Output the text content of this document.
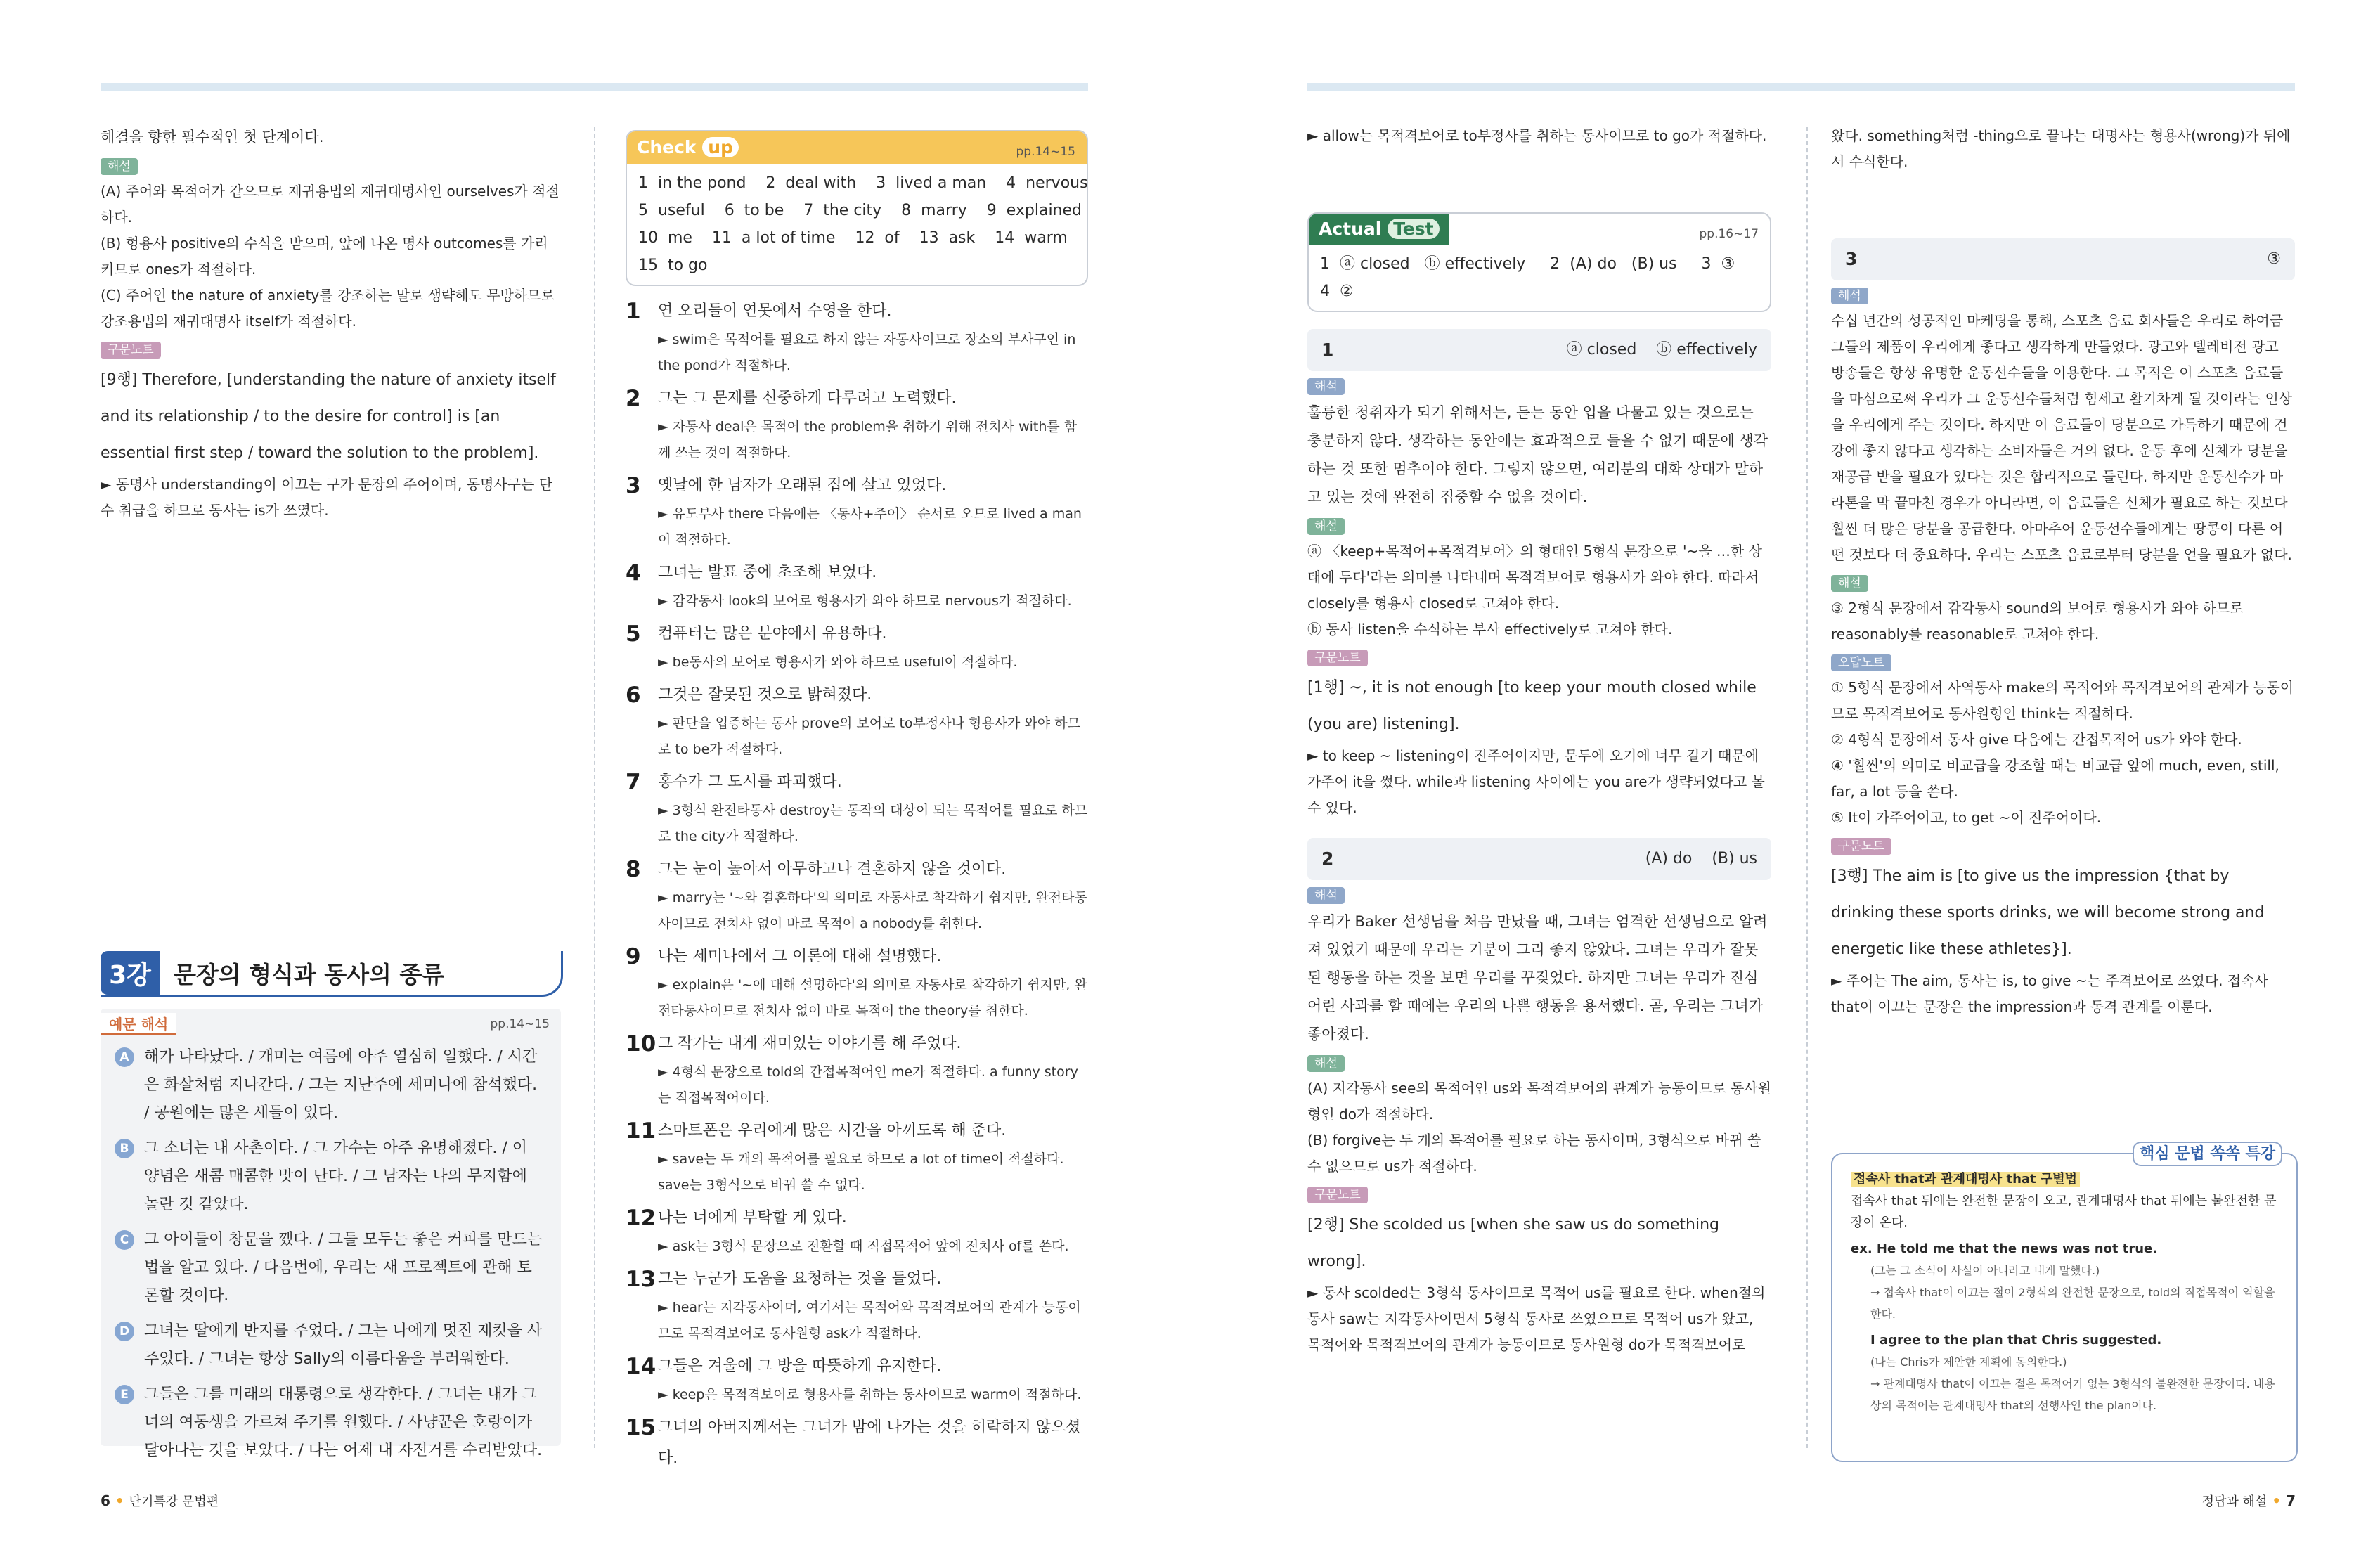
해결을 향한 필수적인 첫 단계이다.

해설

(A) 주어와 목적어가 같으므로 재귀용법의 재귀대명사인 ourselves가 적절하다.

(B) 형용사 positive의 수식을 받으며, 앞에 나온 명사 outcomes를 가리키므로 ones가 적절하다.

(C) 주어인 the nature of anxiety를 강조하는 말로 생략해도 무방하므로 강조용법의 재귀대명사 itself가 적절하다.

구문노트

[9행] Therefore, [understanding the nature of anxiety itself and its relationship / to the desire for control] is [an essential first step / toward the solution to the problem].

► 동명사 understanding이 이끄는 구가 문장의 주어이며, 동명사구는 단수 취급을 하므로 동사는 is가 쓰였다.

3강 문장의 형식과 동사의 종류
예문 해석	pp.14~15
A 해가 나타났다. / 개미는 여름에 아주 열심히 일했다. / 시간은 화살처럼 지나간다. / 그는 지난주에 세미나에 참석했다. / 공원에는 많은 새들이 있다.
B 그 소녀는 내 사촌이다. / 그 가수는 아주 유명해졌다. / 이 양념은 새콤 매콤한 맛이 난다. / 그 남자는 나의 무지함에 놀란 것 같았다.
C 그 아이들이 창문을 깼다. / 그들 모두는 좋은 커피를 만드는 법을 알고 있다. / 다음번에, 우리는 새 프로젝트에 관해 토론할 것이다.
D 그녀는 딸에게 반지를 주었다. / 그는 나에게 멋진 재킷을 사주었다. / 그녀는 항상 Sally의 이름다움을 부러워한다.
E	그들은 그를 미래의 대통령으로 생각한다. / 그녀는 내가 그녀의 여동생을 가르쳐 주기를 원했다. / 사냥꾼은 호랑이가 달아나는 것을 보았다. / 나는 어제 내 자전거를 수리받았다.
Check up	pp.14~15

1  in the pond    2  deal with    3  lived a man    4  nervous

5  useful    6  to be    7  the city    8  marry    9  explained

10  me    11  a lot of time    12  of    13  ask    14  warm

15  to go

1	연 오리들이 연못에서 수영을 한다.

► swim은 목적어를 필요로 하지 않는 자동사이므로 장소의 부사구인 in the pond가 적절하다.

2	그는 그 문제를 신중하게 다루려고 노력했다.

► 자동사 deal은 목적어 the problem을 취하기 위해 전치사 with를 함께 쓰는 것이 적절하다.

3	옛날에 한 남자가 오래된 집에 살고 있었다.

► 유도부사 there 다음에는 〈동사+주어〉 순서로 오므로 lived a man이 적절하다.

4	그녀는 발표 중에 초조해 보였다.

► 감각동사 look의 보어로 형용사가 와야 하므로 nervous가 적절하다.

5	컴퓨터는 많은 분야에서 유용하다.

► be동사의 보어로 형용사가 와야 하므로 useful이 적절하다.

6	그것은 잘못된 것으로 밝혀졌다.

► 판단을 입증하는 동사 prove의 보어로 to부정사나 형용사가 와야 하므로 to be가 적절하다.

7	홍수가 그 도시를 파괴했다.

► 3형식 완전타동사 destroy는 동작의 대상이 되는 목적어를 필요로 하므로 the city가 적절하다.

8	그는 눈이 높아서 아무하고나 결혼하지 않을 것이다.

► marry는 '~와 결혼하다'의 의미로 자동사로 착각하기 쉽지만, 완전타동사이므로 전치사 없이 바로 목적어 a nobody를 취한다.

9	나는 세미나에서 그 이론에 대해 설명했다.

► explain은 '~에 대해 설명하다'의 의미로 자동사로 착각하기 쉽지만, 완전타동사이므로 전치사 없이 바로 목적어 the theory를 취한다.

10 그 작가는 내게 재미있는 이야기를 해 주었다.

► 4형식 문장으로 told의 간접목적어인 me가 적절하다. a funny story는 직접목적어이다.

11 스마트폰은 우리에게 많은 시간을 아끼도록 해 준다.

► save는 두 개의 목적어를 필요로 하므로 a lot of time이 적절하다. save는 3형식으로 바꿔 쓸 수 없다.

12 나는 너에게 부탁할 게 있다.

► ask는 3형식 문장으로 전환할 때 직접목적어 앞에 전치사 of를 쓴다.

13 그는 누군가 도움을 요청하는 것을 들었다.

► hear는 지각동사이며, 여기서는 목적어와 목적격보어의 관계가 능동이므로 목적격보어로 동사원형 ask가 적절하다.

14 그들은 겨울에 그 방을 따뜻하게 유지한다.

► keep은 목적격보어로 형용사를 취하는 동사이므로 warm이 적절하다.

15 그녀의 아버지께서는 그녀가 밤에 나가는 것을 허락하지 않으셨다.

► allow는 목적격보어로 to부정사를 취하는 동사이므로 to go가 적절하다.

Actual Test	pp.16~17

1  ⓐ closed   ⓑ effectively     2  (A) do   (B) us     3  ③

4  ②

1	ⓐ closed    ⓑ effectively
해석

훌륭한 청취자가 되기 위해서는, 듣는 동안 입을 다물고 있는 것으로는 충분하지 않다. 생각하는 동안에는 효과적으로 들을 수 없기 때문에 생각하는 것 또한 멈추어야 한다. 그렇지 않으면, 여러분의 대화 상대가 말하고 있는 것에 완전히 집중할 수 없을 것이다.

해설

ⓐ 〈keep+목적어+목적격보어〉의 형태인 5형식 문장으로 '~을 …한 상태에 두다'라는 의미를 나타내며 목적격보어로 형용사가 와야 한다. 따라서 closely를 형용사 closed로 고쳐야 한다.

ⓑ 동사 listen을 수식하는 부사 effectively로 고쳐야 한다.

구문노트

[1행] ~, it is not enough [to keep your mouth closed while (you are) listening].

► to keep ~ listening이 진주어이지만, 문두에 오기에 너무 길기 때문에 가주어 it을 썼다. while과 listening 사이에는 you are가 생략되었다고 볼 수 있다.

2	(A) do    (B) us
해석

우리가 Baker 선생님을 처음 만났을 때, 그녀는 엄격한 선생님으로 알려져 있었기 때문에 우리는 기분이 그리 좋지 않았다. 그녀는 우리가 잘못된 행동을 하는 것을 보면 우리를 꾸짖었다. 하지만 그녀는 우리가 진심 어린 사과를 할 때에는 우리의 나쁜 행동을 용서했다. 곧, 우리는 그녀가 좋아졌다.

해설

(A) 지각동사 see의 목적어인 us와 목적격보어의 관계가 능동이므로 동사원형인 do가 적절하다.

(B) forgive는 두 개의 목적어를 필요로 하는 동사이며, 3형식으로 바뀌 쓸 수 없으므로 us가 적절하다.

구문노트

[2행] She scolded us [when she saw us do something wrong].

► 동사 scolded는 3형식 동사이므로 목적어 us를 필요로 한다. when절의 동사 saw는 지각동사이면서 5형식 동사로 쓰였으므로 목적어 us가 왔고, 목적어와 목적격보어의 관계가 능동이므로 동사원형 do가 목적격보어로

왔다. something처럼 -thing으로 끝나는 대명사는 형용사(wrong)가 뒤에서 수식한다.

3	③
해석

수십 년간의 성공적인 마케팅을 통해, 스포츠 음료 회사들은 우리로 하여금 그들의 제품이 우리에게 좋다고 생각하게 만들었다. 광고와 텔레비전 광고 방송들은 항상 유명한 운동선수들을 이용한다. 그 목적은 이 스포츠 음료들을 마심으로써 우리가 그 운동선수들처럼 힘세고 활기차게 될 것이라는 인상을 우리에게 주는 것이다. 하지만 이 음료들이 당분으로 가득하기 때문에 건강에 좋지 않다고 생각하는 소비자들은 거의 없다. 운동 후에 신체가 당분을 재공급 받을 필요가 있다는 것은 합리적으로 들린다. 하지만 운동선수가 마라톤을 막 끝마친 경우가 아니라면, 이 음료들은 신체가 필요로 하는 것보다 훨씬 더 많은 당분을 공급한다. 아마추어 운동선수들에게는 땅콩이 다른 어떤 것보다 더 중요하다. 우리는 스포츠 음료로부터 당분을 얻을 필요가 없다.

해설

③ 2형식 문장에서 감각동사 sound의 보어로 형용사가 와야 하므로 reasonably를 reasonable로 고쳐야 한다.

오답노트

① 5형식 문장에서 사역동사 make의 목적어와 목적격보어의 관계가 능동이므로 목적격보어로 동사원형인 think는 적절하다.

② 4형식 문장에서 동사 give 다음에는 간접목적어 us가 와야 한다.

④ '훨씬'의 의미로 비교급을 강조할 때는 비교급 앞에 much, even, still, far, a lot 등을 쓴다.

⑤ It이 가주어이고, to get ~이 진주어이다.

구문노트

[3행] The aim is [to give us the impression {that by drinking these sports drinks, we will become strong and energetic like these athletes}].

► 주어는 The aim, 동사는 is, to give ~는 주격보어로 쓰였다. 접속사 that이 이끄는 문장은 the impression과 동격 관계를 이룬다.

핵심 문법 쏙쏙 특강

접속사 that과 관계대명사 that 구별법

접속사 that 뒤에는 완전한 문장이 오고, 관계대명사 that 뒤에는 불완전한 문장이 온다.

ex. He told me that the news was not true.

(그는 그 소식이 사실이 아니라고 내게 말했다.)

→ 접속사 that이 이끄는 절이 2형식의 완전한 문장으로, told의 직접목적어 역할을 한다.

I agree to the plan that Chris suggested.

(나는 Chris가 제안한 계획에 동의한다.)

→ 관계대명사 that이 이끄는 절은 목적어가 없는 3형식의 불완전한 문장이다. 내용상의 목적어는 관계대명사 that의 선행사인 the plan이다.

6 • 단기특강 문법편	정답과 해설 • 7
